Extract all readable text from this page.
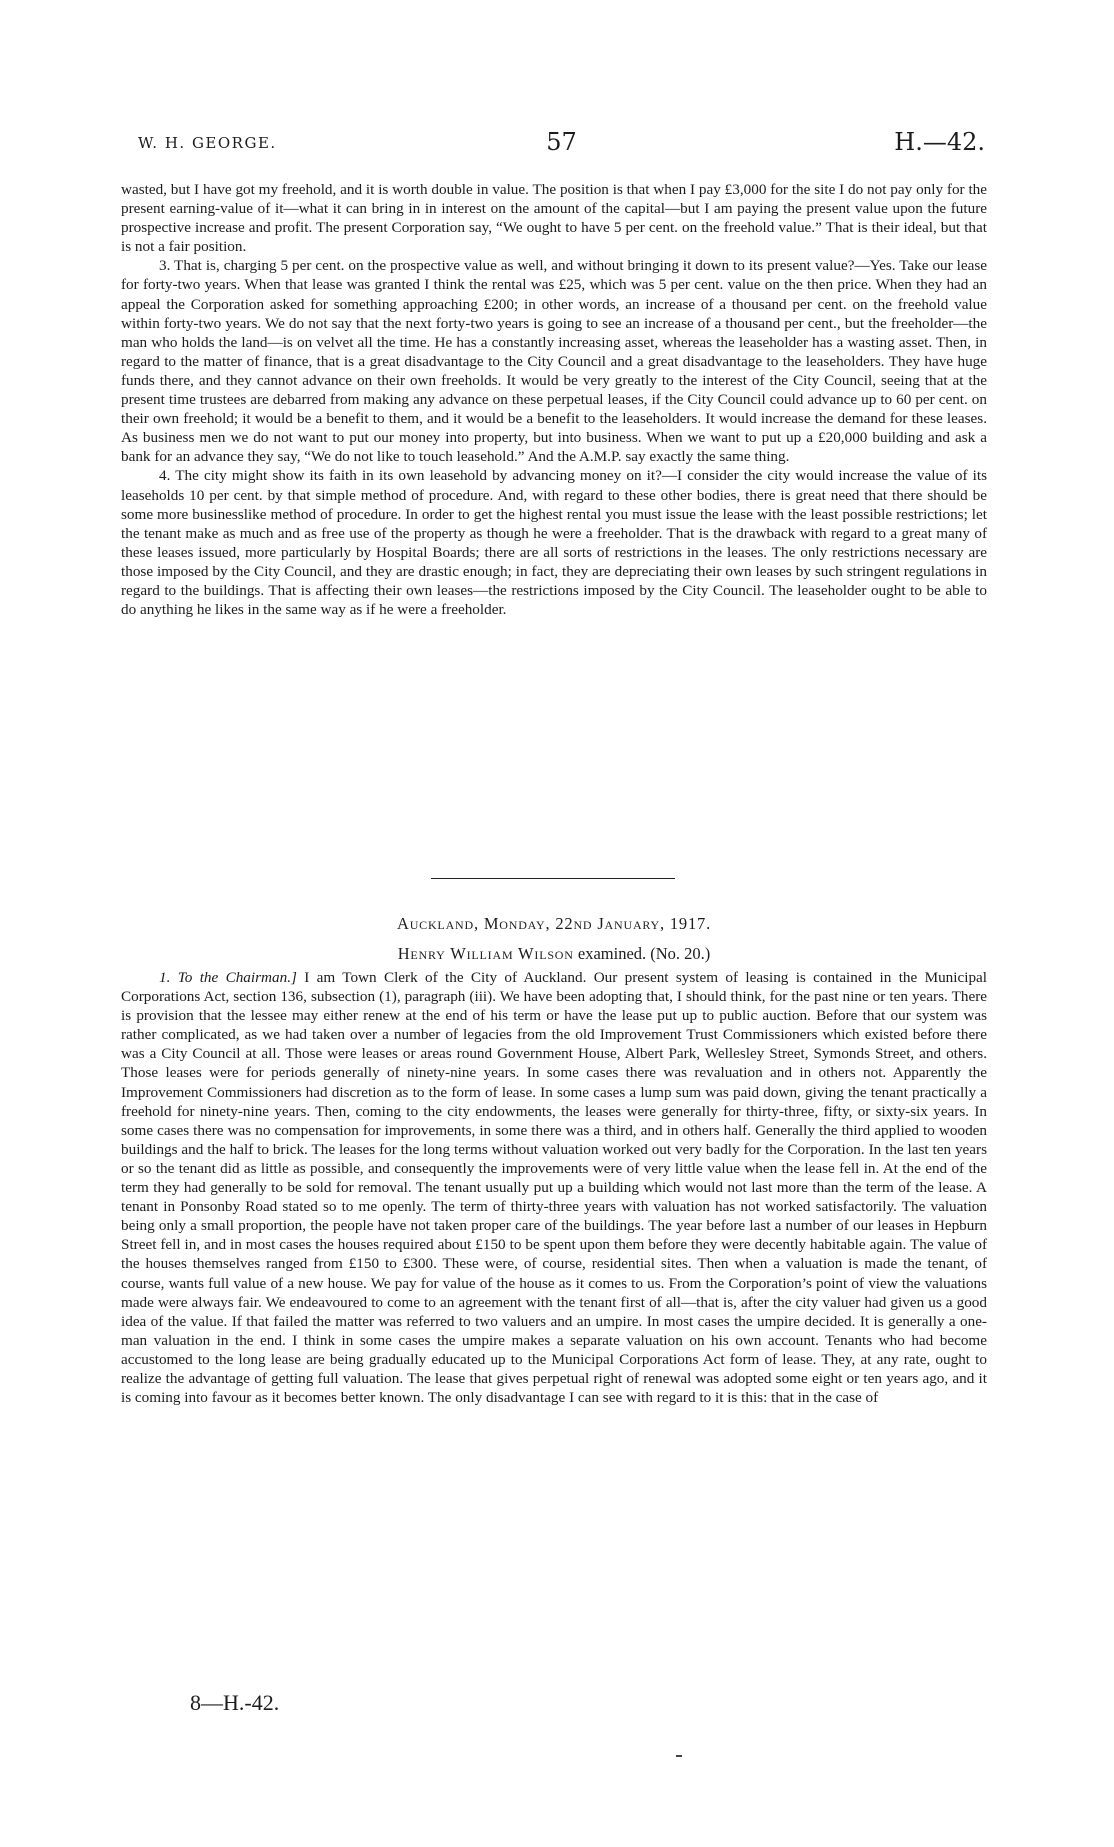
W. H. GEORGE.	57	H.—42.

wasted, but I have got my freehold, and it is worth double in value. The position is that when I pay £3,000 for the site I do not pay only for the present earning-value of it—what it can bring in in interest on the amount of the capital—but I am paying the present value upon the future prospective increase and profit. The present Corporation say, “We ought to have 5 per cent. on the freehold value.” That is their ideal, but that is not a fair position.

3. That is, charging 5 per cent. on the prospective value as well, and without bringing it down to its present value?—Yes. Take our lease for forty-two years. When that lease was granted I think the rental was £25, which was 5 per cent. value on the then price. When they had an appeal the Corporation asked for something approaching £200; in other words, an increase of a thousand per cent. on the freehold value within forty-two years. We do not say that the next forty-two years is going to see an increase of a thousand per cent., but the freeholder—the man who holds the land—is on velvet all the time. He has a constantly increasing asset, whereas the leaseholder has a wasting asset. Then, in regard to the matter of finance, that is a great disadvantage to the City Council and a great disadvantage to the leaseholders. They have huge funds there, and they cannot advance on their own freeholds. It would be very greatly to the interest of the City Council, seeing that at the present time trustees are debarred from making any advance on these perpetual leases, if the City Council could advance up to 60 per cent. on their own freehold; it would be a benefit to them, and it would be a benefit to the leaseholders. It would increase the demand for these leases. As business men we do not want to put our money into property, but into business. When we want to put up a £20,000 building and ask a bank for an advance they say, “We do not like to touch leasehold.” And the A.M.P. say exactly the same thing.

4. The city might show its faith in its own leasehold by advancing money on it?—I consider the city would increase the value of its leaseholds 10 per cent. by that simple method of procedure. And, with regard to these other bodies, there is great need that there should be some more businesslike method of procedure. In order to get the highest rental you must issue the lease with the least possible restrictions; let the tenant make as much and as free use of the property as though he were a freeholder. That is the drawback with regard to a great many of these leases issued, more particularly by Hospital Boards; there are all sorts of restrictions in the leases. The only restrictions necessary are those imposed by the City Council, and they are drastic enough; in fact, they are depreciating their own leases by such stringent regulations in regard to the buildings. That is affecting their own leases—the restrictions imposed by the City Council. The leaseholder ought to be able to do anything he likes in the same way as if he were a freeholder.

Auckland, Monday, 22nd January, 1917.
Henry William Wilson examined. (No. 20.)

1. To the Chairman.] I am Town Clerk of the City of Auckland. Our present system of leasing is contained in the Municipal Corporations Act, section 136, subsection (1), paragraph (iii). We have been adopting that, I should think, for the past nine or ten years. There is provision that the lessee may either renew at the end of his term or have the lease put up to public auction. Before that our system was rather complicated, as we had taken over a number of legacies from the old Improvement Trust Commissioners which existed before there was a City Council at all. Those were leases or areas round Government House, Albert Park, Wellesley Street, Symonds Street, and others. Those leases were for periods generally of ninety-nine years. In some cases there was revaluation and in others not. Apparently the Improvement Commissioners had discretion as to the form of lease. In some cases a lump sum was paid down, giving the tenant practically a freehold for ninety-nine years. Then, coming to the city endowments, the leases were generally for thirty-three, fifty, or sixty-six years. In some cases there was no compensation for improvements, in some there was a third, and in others half. Generally the third applied to wooden buildings and the half to brick. The leases for the long terms without valuation worked out very badly for the Corporation. In the last ten years or so the tenant did as little as possible, and consequently the improvements were of very little value when the lease fell in. At the end of the term they had generally to be sold for removal. The tenant usually put up a building which would not last more than the term of the lease. A tenant in Ponsonby Road stated so to me openly. The term of thirty-three years with valuation has not worked satisfactorily. The valuation being only a small proportion, the people have not taken proper care of the buildings. The year before last a number of our leases in Hepburn Street fell in, and in most cases the houses required about £150 to be spent upon them before they were decently habitable again. The value of the houses themselves ranged from £150 to £300. These were, of course, residential sites. Then when a valuation is made the tenant, of course, wants full value of a new house. We pay for value of the house as it comes to us. From the Corporation’s point of view the valuations made were always fair. We endeavoured to come to an agreement with the tenant first of all—that is, after the city valuer had given us a good idea of the value. If that failed the matter was referred to two valuers and an umpire. In most cases the umpire decided. It is generally a one-man valuation in the end. I think in some cases the umpire makes a separate valuation on his own account. Tenants who had become accustomed to the long lease are being gradually educated up to the Municipal Corporations Act form of lease. They, at any rate, ought to realize the advantage of getting full valuation. The lease that gives perpetual right of renewal was adopted some eight or ten years ago, and it is coming into favour as it becomes better known. The only disadvantage I can see with regard to it is this: that in the case of

8—H.-42.
